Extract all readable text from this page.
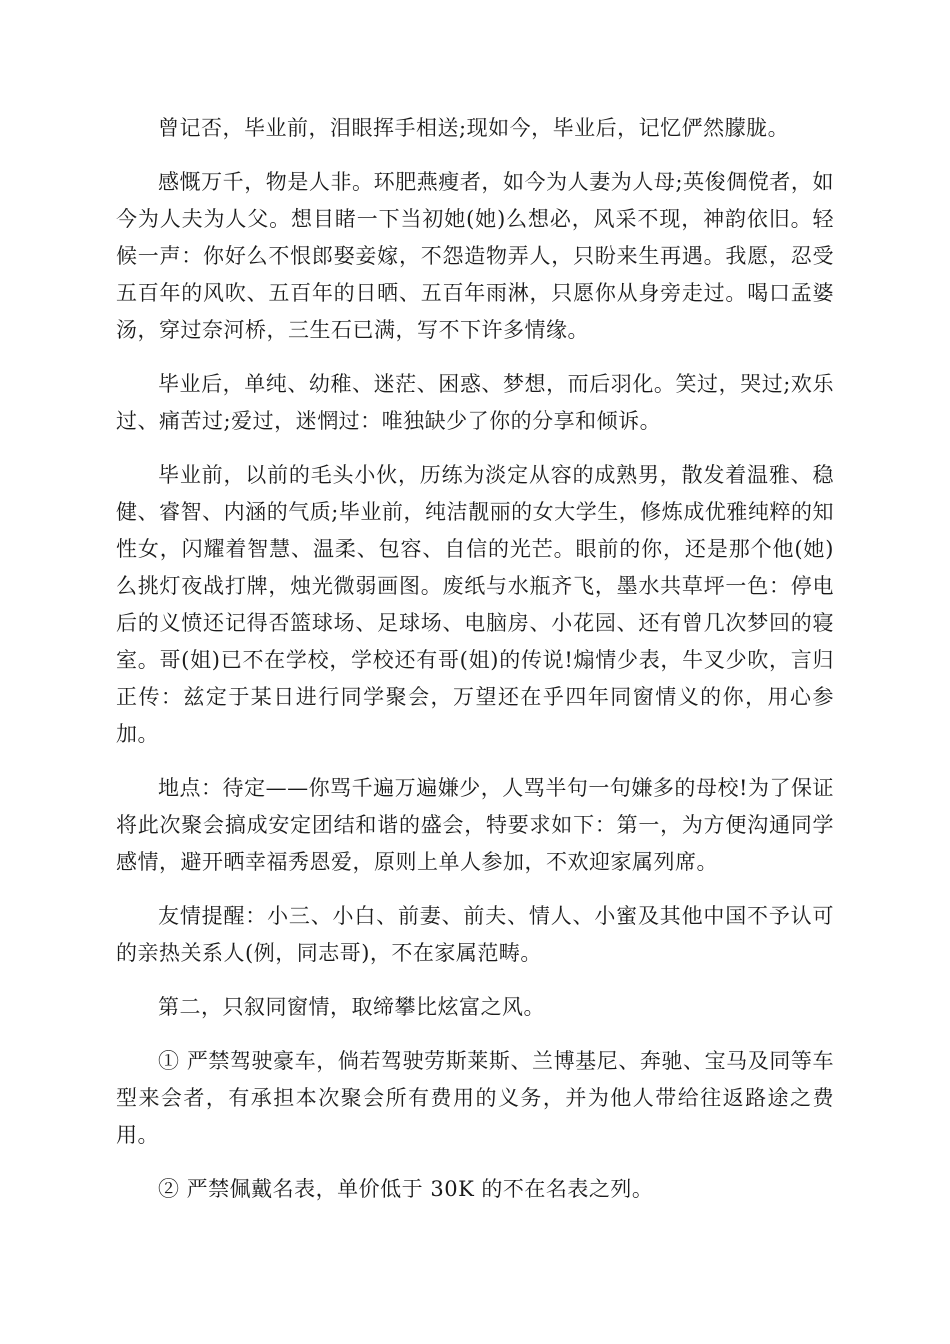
曾记否，毕业前，泪眼挥手相送;现如今，毕业后，记忆俨然朦胧。

感慨万千，物是人非。环肥燕瘦者，如今为人妻为人母;英俊倜傥者，如今为人夫为人父。想目睹一下当初她(她)么想必，风采不现，神韵依旧。轻候一声：你好么不恨郎娶妾嫁，不怨造物弄人，只盼来生再遇。我愿，忍受五百年的风吹、五百年的日晒、五百年雨淋，只愿你从身旁走过。喝口孟婆汤，穿过奈河桥，三生石已满，写不下许多情缘。

毕业后，单纯、幼稚、迷茫、困惑、梦想，而后羽化。笑过，哭过;欢乐过、痛苦过;爱过，迷惘过：唯独缺少了你的分享和倾诉。

毕业前，以前的毛头小伙，历练为淡定从容的成熟男，散发着温雅、稳健、睿智、内涵的气质;毕业前，纯洁靓丽的女大学生，修炼成优雅纯粹的知性女，闪耀着智慧、温柔、包容、自信的光芒。眼前的你，还是那个他(她)么挑灯夜战打牌，烛光微弱画图。废纸与水瓶齐飞，墨水共草坪一色：停电后的义愤还记得否篮球场、足球场、电脑房、小花园、还有曾几次梦回的寝室。哥(姐)已不在学校，学校还有哥(姐)的传说!煽情少表，牛叉少吹，言归正传：兹定于某日进行同学聚会，万望还在乎四年同窗情义的你，用心参加。

地点：待定——你骂千遍万遍嫌少，人骂半句一句嫌多的母校!为了保证将此次聚会搞成安定团结和谐的盛会，特要求如下：第一，为方便沟通同学感情，避开晒幸福秀恩爱，原则上单人参加，不欢迎家属列席。

友情提醒：小三、小白、前妻、前夫、情人、小蜜及其他中国不予认可的亲热关系人(例，同志哥)，不在家属范畴。

第二，只叙同窗情，取缔攀比炫富之风。

① 严禁驾驶豪车，倘若驾驶劳斯莱斯、兰博基尼、奔驰、宝马及同等车型来会者，有承担本次聚会所有费用的义务，并为他人带给往返路途之费用。

② 严禁佩戴名表，单价低于 30K 的不在名表之列。
